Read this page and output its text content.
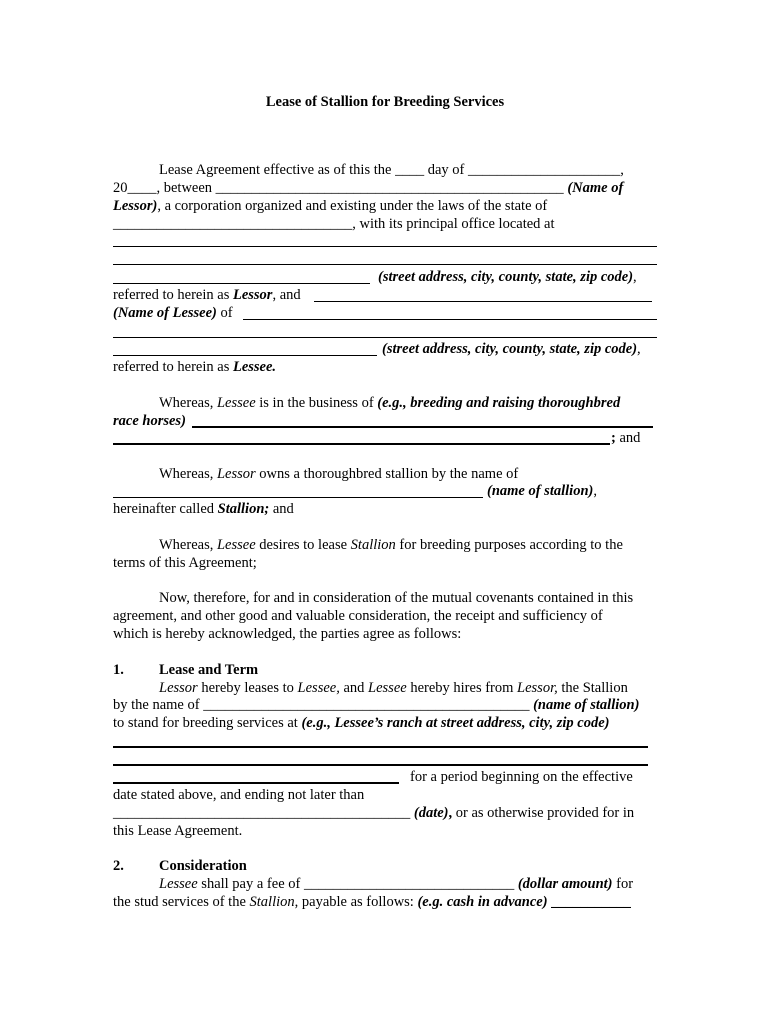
Lease of Stallion for Breeding Services
Lease Agreement effective as of this the ____ day of _____________________,
20____, between ________________________________________________ (Name of
Lessor), a corporation organized and existing under the laws of the state of
_________________________________, with its principal office located at
(street address, city, county, state, zip code),
referred to herein as Lessor, and
(Name of Lessee) of
(street address, city, county, state, zip code),
referred to herein as Lessee.
Whereas, Lessee is in the business of (e.g., breeding and raising thoroughbred
race horses)
; and
Whereas, Lessor owns a thoroughbred stallion by the name of
(name of stallion),
hereinafter called Stallion; and
Whereas, Lessee desires to lease Stallion for breeding purposes according to the
terms of this Agreement;
Now, therefore, for and in consideration of the mutual covenants contained in this
agreement, and other good and valuable consideration, the receipt and sufficiency of
which is hereby acknowledged, the parties agree as follows:
1. Lease and Term
Lessor hereby leases to Lessee, and Lessee hereby hires from Lessor, the Stallion
by the name of _____________________________________________ (name of stallion)
to stand for breeding services at (e.g., Lessee’s ranch at street address, city, zip code)
for a period beginning on the effective
date stated above, and ending not later than
_________________________________________ (date), or as otherwise provided for in
this Lease Agreement.
2. Consideration
Lessee shall pay a fee of _____________________________ (dollar amount) for
the stud services of the Stallion, payable as follows: (e.g. cash in advance) ___________
